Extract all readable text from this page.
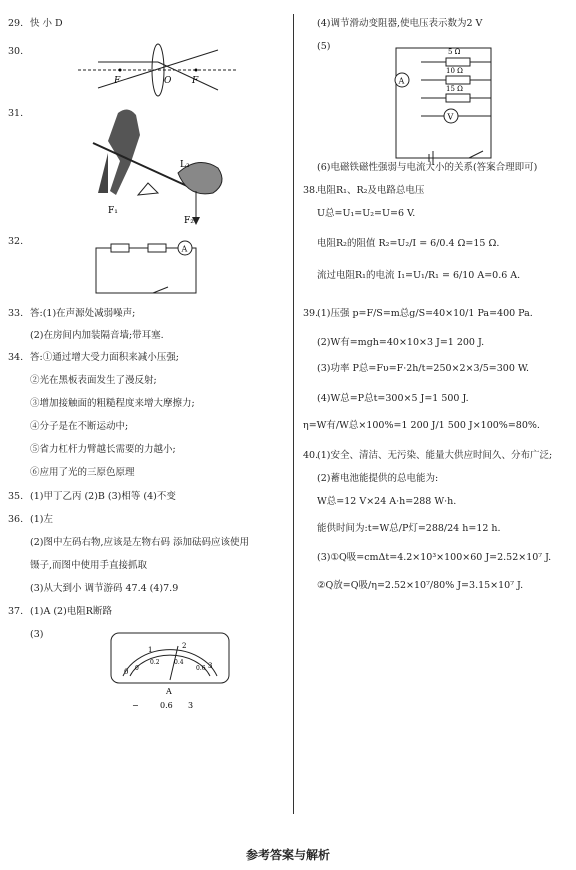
29. 快 小 D
30.
F	O F
31.
F₁
F₂
L₂
32.
A
33. 答:(1)在声源处减弱噪声;
(2)在房间内加装隔音墙;带耳塞.
34. 答:①通过增大受力面积来减小压强;
②光在黑板表面发生了漫反射;
③增加接触面的粗糙程度来增大摩擦力;
④分子是在不断运动中;
⑤省力杠杆力臂越长需要的力越小;
⑥应用了光的三原色原理
35. (1)甲丁乙丙 (2)B (3)相等 (4)不变
36. (1)左
(2)图中左码右物,应该是左物右码 添加砝码应该使用
镊子,而图中使用手直接抓取
(3)从大到小 调节游码 47.4 (4)7.9
37. (1)A (2)电阻R断路
(3)
0
1	2
3
0
0.2 0.4
0.6
A
−	0.6 3
(4)调节滑动变阻器,使电压表示数为2 V
(5)
A
V
5 Ω
10 Ω
15 Ω
(6)电磁铁磁性强弱与电流大小的关系(答案合理即可)
38.
电阻R₁、R₂及电路总电压
U总=U₁=U₂=U=6 V.
电阻R₂的阻值 R₂=U₂/I = 6/0.4 Ω=15 Ω.
流过电阻R₁的电流 I₁=U₁/R₁ = 6/10 A=0.6 A.
39.
(1)压强 p=F/S=m总g/S=40×10/1 Pa=400 Pa.
(2)W有=mgh=40×10×3 J=1 200 J.
(3)功率 P总=Fυ=F·2h/t=250×2×3/5=300 W.
(4)W总=P总t=300×5 J=1 500 J.
η=W有/W总×100%=1 200 J/1 500 J×100%=80%.
40.
(1)安全、清洁、无污染、能量大供应时间久、分布广泛;
(2)蓄电池能提供的总电能为:
W总=12 V×24 A·h=288 W·h.
能供时间为:t=W总/P灯=288/24 h=12 h.
(3)①Q吸=cmΔt=4.2×10³×100×60 J=2.52×10⁷ J.
②Q放=Q吸/η=2.52×10⁷/80% J=3.15×10⁷ J.
参考答案与解析
